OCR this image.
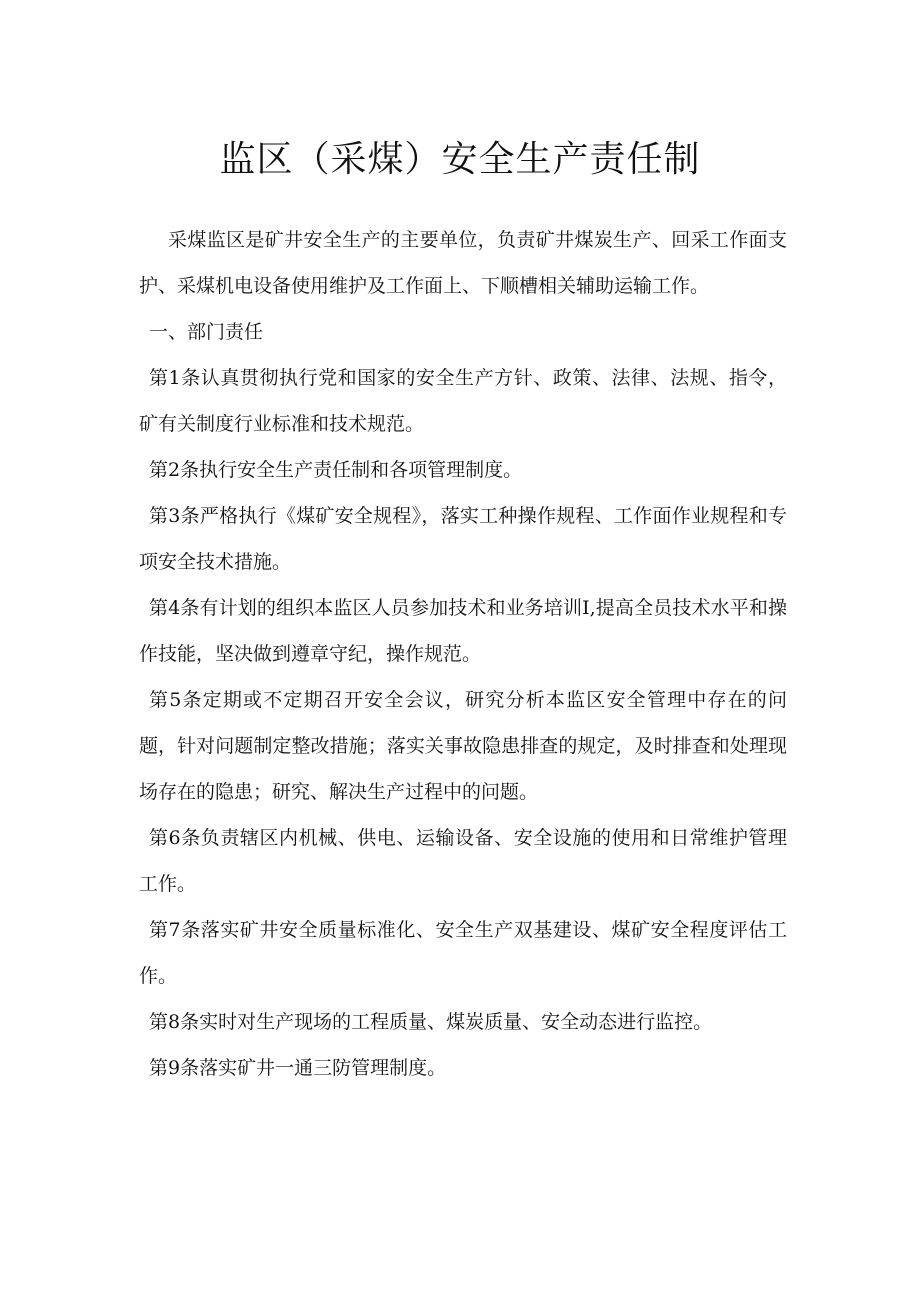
监区（采煤）安全生产责任制

采煤监区是矿井安全生产的主要单位，负责矿井煤炭生产、回采工作面支护、采煤机电设备使用维护及工作面上、下顺槽相关辅助运输工作。

一、部门责任

第1条认真贯彻执行党和国家的安全生产方针、政策、法律、法规、指令，矿有关制度行业标准和技术规范。

第2条执行安全生产责任制和各项管理制度。

第3条严格执行《煤矿安全规程》，落实工种操作规程、工作面作业规程和专项安全技术措施。

第4条有计划的组织本监区人员参加技术和业务培训I,提高全员技术水平和操作技能，坚决做到遵章守纪，操作规范。

第5条定期或不定期召开安全会议，研究分析本监区安全管理中存在的问题，针对问题制定整改措施；落实关事故隐患排查的规定，及时排查和处理现场存在的隐患；研究、解决生产过程中的问题。

第6条负责辖区内机械、供电、运输设备、安全设施的使用和日常维护管理工作。

第7条落实矿井安全质量标准化、安全生产双基建设、煤矿安全程度评估工作。

第8条实时对生产现场的工程质量、煤炭质量、安全动态进行监控。

第9条落实矿井一通三防管理制度。
